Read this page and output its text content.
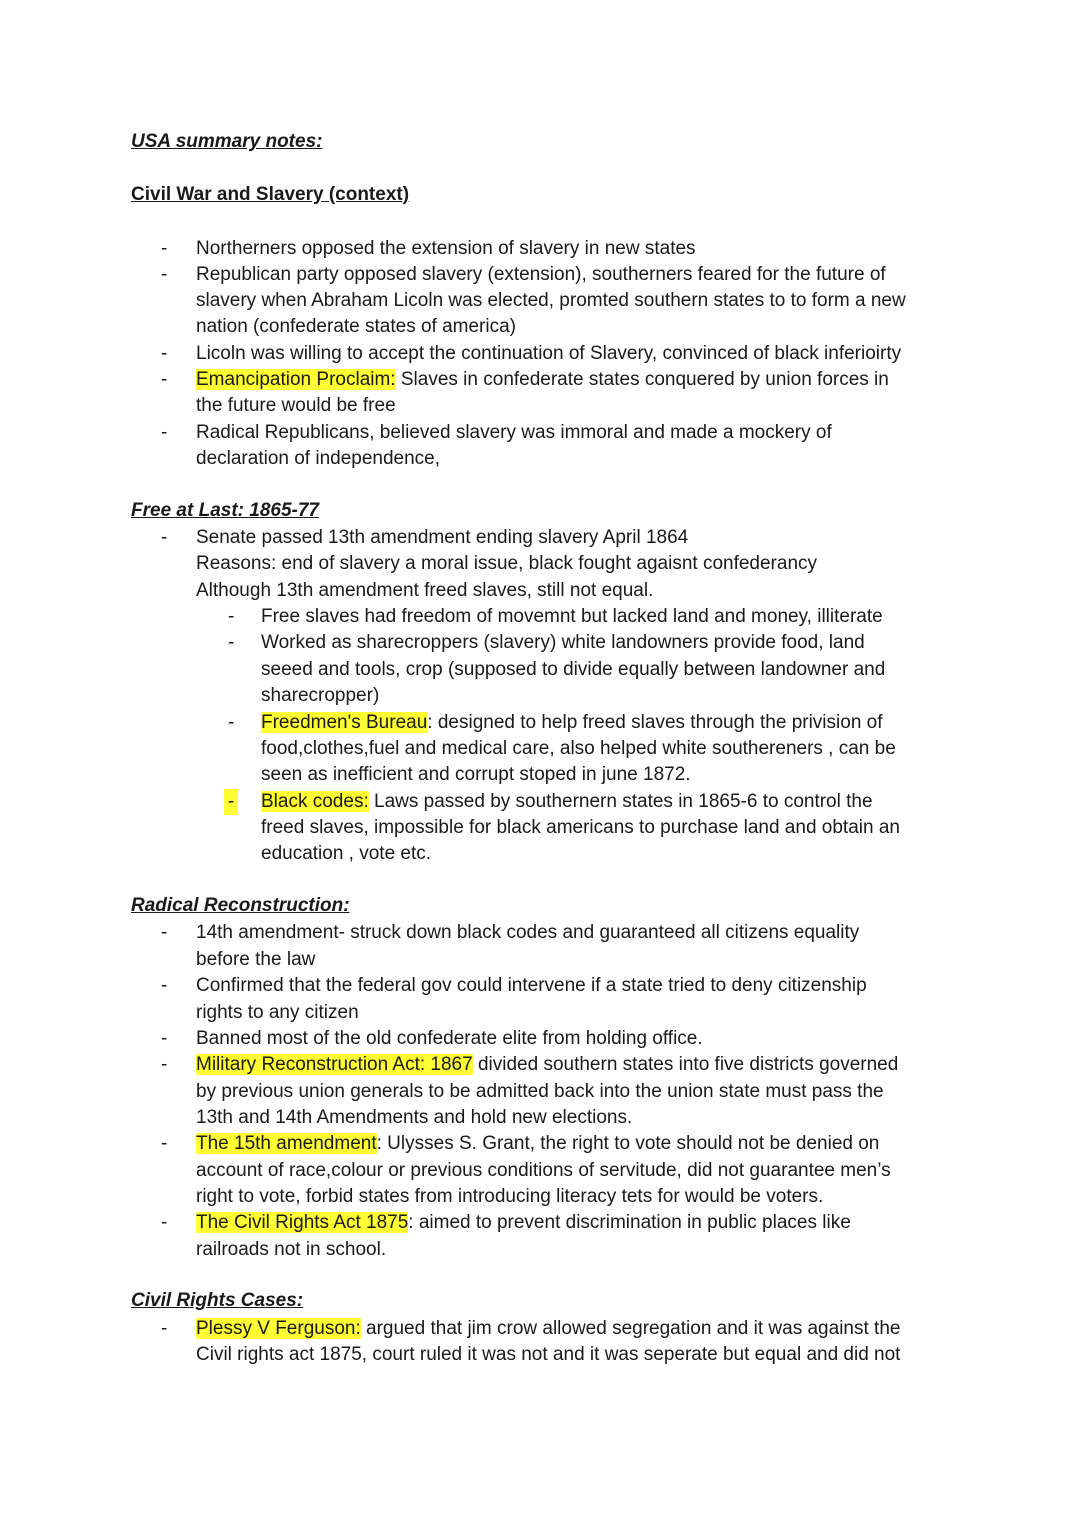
USA summary notes:
Civil War and Slavery (context)
- Northerners opposed the extension of slavery in new states
- Republican party opposed slavery (extension), southerners feared for the future of
slavery when Abraham Licoln was elected, promted southern states to to form a new
nation (confederate states of america)
- Licoln was willing to accept the continuation of Slavery, convinced of black inferioirty
- Emancipation Proclaim: Slaves in confederate states conquered by union forces in
the future would be free
- Radical Republicans, believed slavery was immoral and made a mockery of
declaration of independence,
Free at Last: 1865-77
- Senate passed 13th amendment ending slavery April 1864
Reasons: end of slavery a moral issue, black fought agaisnt confederancy
Although 13th amendment freed slaves, still not equal.
- Free slaves had freedom of movemnt but lacked land and money, illiterate
- Worked as sharecroppers (slavery) white landowners provide food, land
seeed and tools, crop (supposed to divide equally between landowner and
sharecropper)
- Freedmen's Bureau: designed to help freed slaves through the privision of
food,clothes,fuel and medical care, also helped white southereners , can be
seen as inefficient and corrupt stoped in june 1872.
- Black codes: Laws passed by southernern states in 1865-6 to control the
freed slaves, impossible for black americans to purchase land and obtain an
education , vote etc.
Radical Reconstruction:
- 14th amendment- struck down black codes and guaranteed all citizens equality
before the law
- Confirmed that the federal gov could intervene if a state tried to deny citizenship
rights to any citizen
- Banned most of the old confederate elite from holding office.
- Military Reconstruction Act: 1867 divided southern states into five districts governed
by previous union generals to be admitted back into the union state must pass the
13th and 14th Amendments and hold new elections.
- The 15th amendment: Ulysses S. Grant, the right to vote should not be denied on
account of race,colour or previous conditions of servitude, did not guarantee men’s
right to vote, forbid states from introducing literacy tets for would be voters.
- The Civil Rights Act 1875: aimed to prevent discrimination in public places like
railroads not in school.
Civil Rights Cases:
- Plessy V Ferguson: argued that jim crow allowed segregation and it was against the
Civil rights act 1875, court ruled it was not and it was seperate but equal and did not
